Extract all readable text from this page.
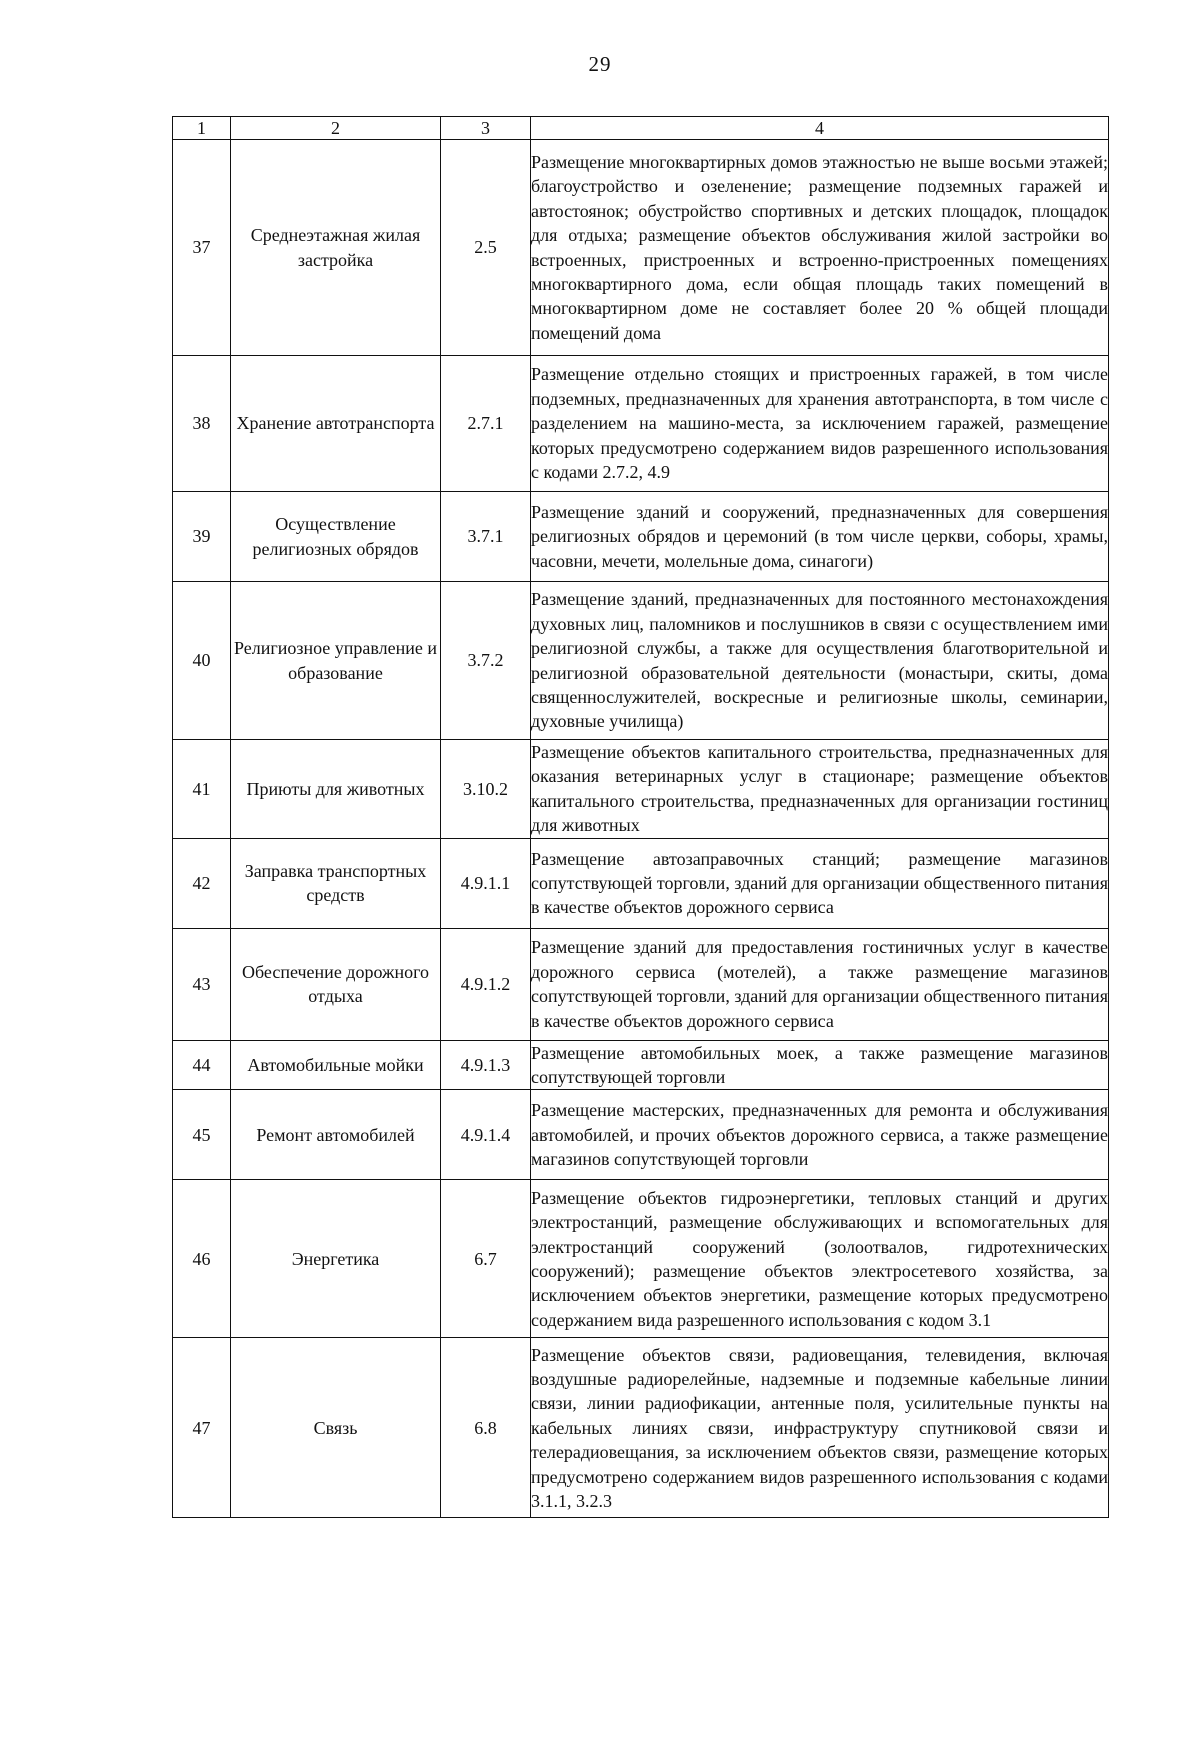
29
1	2	3	4
37	Среднеэтажная жилая застройка	2.5	Размещение многоквартирных домов этажностью не выше восьми этажей; благоустройство и озеленение; размещение подземных гаражей и автостоянок; обустройство спортивных и детских площадок, площадок для отдыха; размещение объектов обслуживания жилой застройки во встроенных, пристроенных и встроенно-пристроенных помещениях многоквартирного дома, если общая площадь таких помещений в многоквартирном доме не составляет более 20 % общей площади помещений дома
38	Хранение автотранспорта	2.7.1	Размещение отдельно стоящих и пристроенных гаражей, в том числе подземных, предназначенных для хранения автотранспорта, в том числе с разделением на машино-места, за исключением гаражей, размещение которых предусмотрено содержанием видов разрешенного использования с кодами 2.7.2, 4.9
39	Осуществление религиозных обрядов	3.7.1	Размещение зданий и сооружений, предназначенных для совершения религиозных обрядов и церемоний (в том числе церкви, соборы, храмы, часовни, мечети, молельные дома, синагоги)
40	Религиозное управление и образование	3.7.2	Размещение зданий, предназначенных для постоянного местонахождения духовных лиц, паломников и послушников в связи с осуществлением ими религиозной службы, а также для осуществления благотворительной и религиозной образовательной деятельности (монастыри, скиты, дома священнослужителей, воскресные и религиозные школы, семинарии, духовные училища)
41	Приюты для животных	3.10.2	Размещение объектов капитального строительства, предназначенных для оказания ветеринарных услуг в стационаре; размещение объектов капитального строительства, предназначенных для организации гостиниц для животных
42	Заправка транспортных средств	4.9.1.1	Размещение автозаправочных станций; размещение магазинов сопутствующей торговли, зданий для организации общественного питания в качестве объектов дорожного сервиса
43	Обеспечение дорожного отдыха	4.9.1.2	Размещение зданий для предоставления гостиничных услуг в качестве дорожного сервиса (мотелей), а также размещение магазинов сопутствующей торговли, зданий для организации общественного питания в качестве объектов дорожного сервиса
44	Автомобильные мойки	4.9.1.3	Размещение автомобильных моек, а также размещение магазинов сопутствующей торговли
45	Ремонт автомобилей	4.9.1.4	Размещение мастерских, предназначенных для ремонта и обслуживания автомобилей, и прочих объектов дорожного сервиса, а также размещение магазинов сопутствующей торговли
46	Энергетика	6.7	Размещение объектов гидроэнергетики, тепловых станций и других электростанций, размещение обслуживающих и вспомогательных для электростанций сооружений (золоотвалов, гидротехнических сооружений); размещение объектов электросетевого хозяйства, за исключением объектов энергетики, размещение которых предусмотрено содержанием вида разрешенного использования с кодом 3.1
47	Связь	6.8	Размещение объектов связи, радиовещания, телевидения, включая воздушные радиорелейные, надземные и подземные кабельные линии связи, линии радиофикации, антенные поля, усилительные пункты на кабельных линиях связи, инфраструктуру спутниковой связи и телерадиовещания, за исключением объектов связи, размещение которых предусмотрено содержанием видов разрешенного использования с кодами 3.1.1, 3.2.3
